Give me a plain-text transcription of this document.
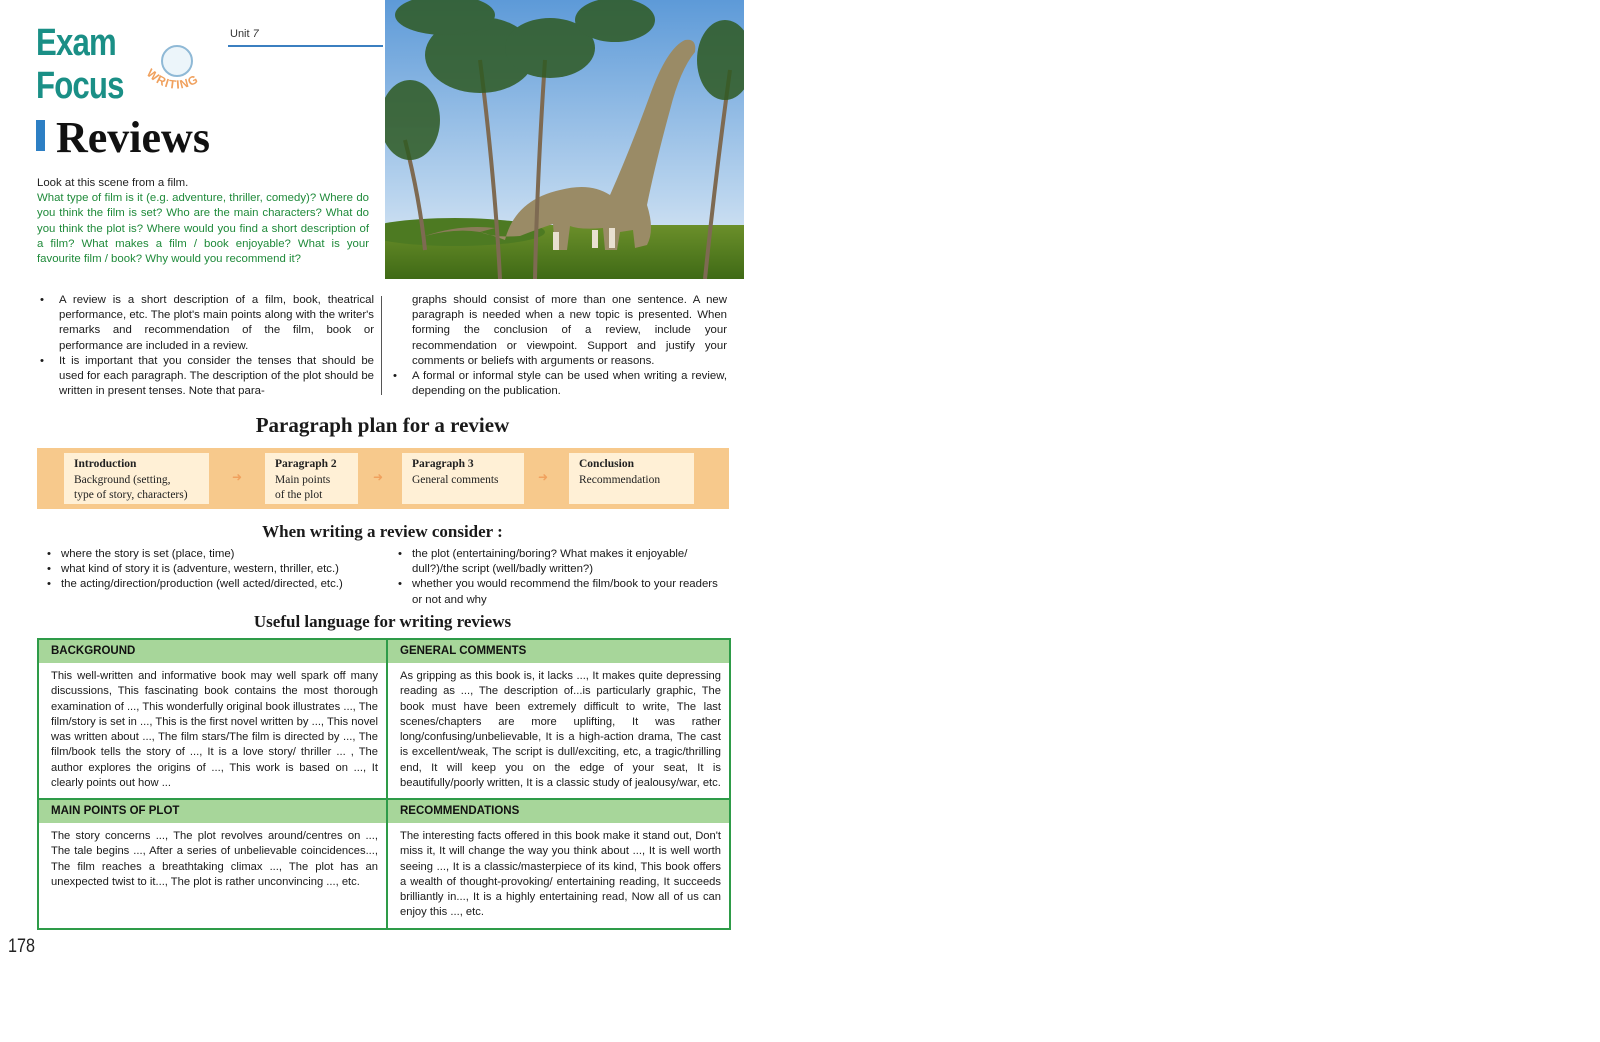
Exam Focus	WRITING
Unit 7
Reviews
Look at this scene from a film.
What type of film is it (e.g. adventure, thriller, comedy)? Where do you think the film is set? Who are the main characters? What do you think the plot is? Where would you find a short description of a film? What makes a film / book enjoyable? What is your favourite film / book? Why would you recommend it?
• A review is a short description of a film, book, theatrical performance, etc. The plot's main points along with the writer's remarks and recommendation of the film, book or performance are included in a review.
• It is important that you consider the tenses that should be used for each paragraph. The description of the plot should be written in present tenses. Note that para-
graphs should consist of more than one sentence. A new paragraph is needed when a new topic is presented. When forming the conclusion of a review, include your recommendation or viewpoint. Support and justify your comments or beliefs with arguments or reasons.
• A formal or informal style can be used when writing a review, depending on the publication.
Paragraph plan for a review
Introduction
Background (setting,
type of story, characters)
➜
Paragraph 2
Main points
of the plot
➜
Paragraph 3
General comments	➜
Conclusion
Recommendation
When writing a review consider :
• where the story is set (place, time)
• what kind of story it is (adventure, western, thriller, etc.)
• the acting/direction/production (well acted/directed, etc.)
• the plot (entertaining/boring? What makes it enjoyable/ dull?)/the script (well/badly written?)
• whether you would recommend the film/book to your readers or not and why
Useful language for writing reviews
BACKGROUND
This well-written and informative book may well spark off many discussions, This fascinating book contains the most thorough examination of ..., This wonderfully original book illustrates ..., The film/story is set in ..., This is the first novel written by ..., This novel was written about ..., The film stars/The film is directed by ..., The film/book tells the story of ..., It is a love story/ thriller ... , The author explores the origins of ..., This work is based on ..., It clearly points out how ...
GENERAL COMMENTS
As gripping as this book is, it lacks ..., It makes quite depressing reading as ..., The description of...is particularly graphic, The book must have been extremely difficult to write, The last scenes/chapters are more uplifting, It was rather long/confusing/unbelievable, It is a high-action drama, The cast is excellent/weak, The script is dull/exciting, etc, a tragic/thrilling end, It will keep you on the edge of your seat, It is beautifully/poorly written, It is a classic study of jealousy/war, etc.
MAIN POINTS OF PLOT
The story concerns ..., The plot revolves around/centres on ..., The tale begins ..., After a series of unbelievable coincidences..., The film reaches a breathtaking climax ..., The plot has an unexpected twist to it..., The plot is rather unconvincing ..., etc.
RECOMMENDATIONS
The interesting facts offered in this book make it stand out, Don't miss it, It will change the way you think about ..., It is well worth seeing ..., It is a classic/masterpiece of its kind, This book offers a wealth of thought-provoking/ entertaining reading, It succeeds brilliantly in..., It is a highly entertaining read, Now all of us can enjoy this ..., etc.
178
